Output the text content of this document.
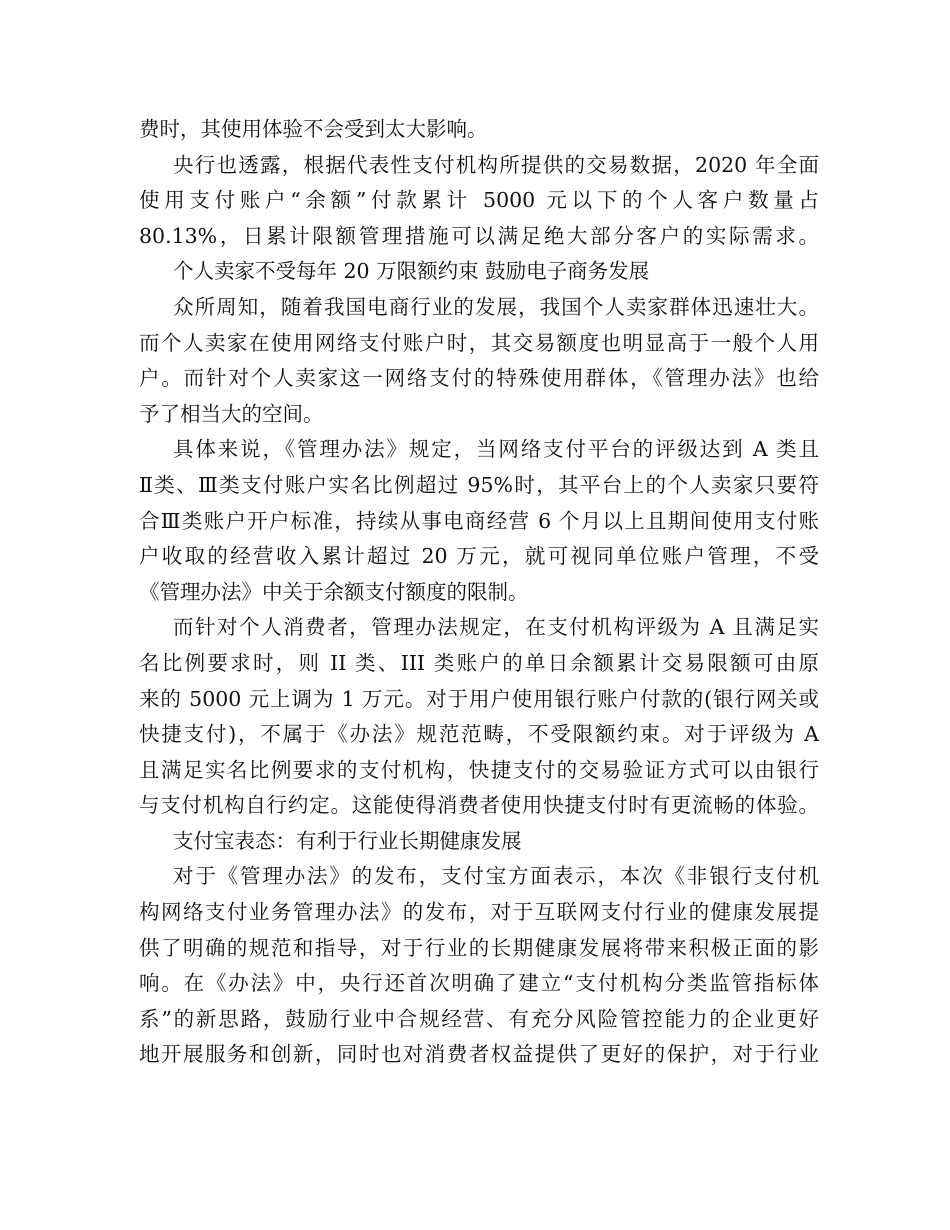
费时，其使用体验不会受到太大影响。
央行也透露，根据代表性支付机构所提供的交易数据，2020 年全面
使用支付账户“余额”付款累计 5000 元以下的个人客户数量占
80.13%，日累计限额管理措施可以满足绝大部分客户的实际需求。
个人卖家不受每年 20 万限额约束 鼓励电子商务发展
众所周知，随着我国电商行业的发展，我国个人卖家群体迅速壮大。
而个人卖家在使用网络支付账户时，其交易额度也明显高于一般个人用
户。而针对个人卖家这一网络支付的特殊使用群体，《管理办法》也给
予了相当大的空间。
具体来说，《管理办法》规定，当网络支付平台的评级达到 A 类且
Ⅱ类、Ⅲ类支付账户实名比例超过 95%时，其平台上的个人卖家只要符
合Ⅲ类账户开户标准，持续从事电商经营 6 个月以上且期间使用支付账
户收取的经营收入累计超过 20 万元，就可视同单位账户管理，不受
《管理办法》中关于余额支付额度的限制。
而针对个人消费者，管理办法规定，在支付机构评级为 A 且满足实
名比例要求时，则 II 类、III 类账户的单日余额累计交易限额可由原
来的 5000 元上调为 1 万元。对于用户使用银行账户付款的(银行网关或
快捷支付)，不属于《办法》规范范畴，不受限额约束。对于评级为 A
且满足实名比例要求的支付机构，快捷支付的交易验证方式可以由银行
与支付机构自行约定。这能使得消费者使用快捷支付时有更流畅的体验。
支付宝表态：有利于行业长期健康发展
对于《管理办法》的发布，支付宝方面表示，本次《非银行支付机
构网络支付业务管理办法》的发布，对于互联网支付行业的健康发展提
供了明确的规范和指导，对于行业的长期健康发展将带来积极正面的影
响。在《办法》中，央行还首次明确了建立“支付机构分类监管指标体
系”的新思路，鼓励行业中合规经营、有充分风险管控能力的企业更好
地开展服务和创新，同时也对消费者权益提供了更好的保护，对于行业
